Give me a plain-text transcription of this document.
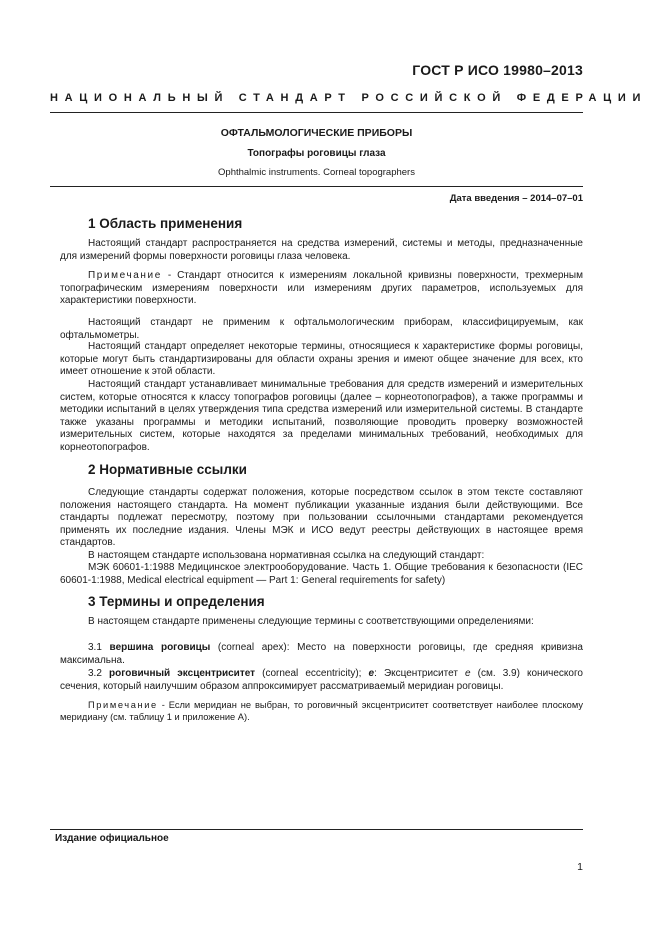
ГОСТ Р ИСО 19980–2013
НАЦИОНАЛЬНЫЙ СТАНДАРТ РОССИЙСКОЙ ФЕДЕРАЦИИ
ОФТАЛЬМОЛОГИЧЕСКИЕ ПРИБОРЫ
Топографы роговицы глаза
Ophthalmic instruments. Corneal topographers
Дата введения – 2014–07–01
1 Область применения

Настоящий стандарт распространяется на средства измерений, системы и методы, предназначенные для измерений формы поверхности роговицы глаза человека.

Примечание - Стандарт относится к измерениям локальной кривизны поверхности, трехмерным топографическим измерениям поверхности или измерениям других параметров, используемых для характеристики поверхности.

Настоящий стандарт не применим к офтальмологическим приборам, классифицируемым, как офтальмометры.

Настоящий стандарт определяет некоторые термины, относящиеся к характеристике формы роговицы, которые могут быть стандартизированы для области охраны зрения и имеют общее значение для всех, кто имеет отношение к этой области.

Настоящий стандарт устанавливает минимальные требования для средств измерений и измерительных систем, которые относятся к классу топографов роговицы (далее – корнеотопографов), а также программы и методики испытаний в целях утверждения типа средства измерений или измерительной системы. В стандарте также указаны программы и методики испытаний, позволяющие проводить проверку возможностей измерительных систем, которые находятся за пределами минимальных требований, необходимых для корнеотопографов.

2 Нормативные ссылки

Следующие стандарты содержат положения, которые посредством ссылок в этом тексте составляют положения настоящего стандарта. На момент публикации указанные издания были действующими. Все стандарты подлежат пересмотру, поэтому при пользовании ссылочными стандартами рекомендуется применять их последние издания. Члены МЭК и ИСО ведут реестры действующих в настоящее время стандартов.

В настоящем стандарте использована нормативная ссылка на следующий стандарт:

МЭК 60601-1:1988 Медицинское электрооборудование. Часть 1. Общие требования к безопасности (IEC 60601-1:1988, Medical electrical equipment — Part 1: General requirements for safety)

3 Термины и определения

В настоящем стандарте применены следующие термины с соответствующими определениями:

3.1 вершина роговицы (corneal apex): Место на поверхности роговицы, где средняя кривизна максимальна.

3.2 роговичный эксцентриситет (corneal eccentricity); e: Эксцентриситет e (см. 3.9) конического сечения, который наилучшим образом аппроксимирует рассматриваемый меридиан роговицы.

Примечание - Если меридиан не выбран, то роговичный эксцентриситет соответствует наиболее плоскому меридиану (см. таблицу 1 и приложение А).

Издание официальное
1
